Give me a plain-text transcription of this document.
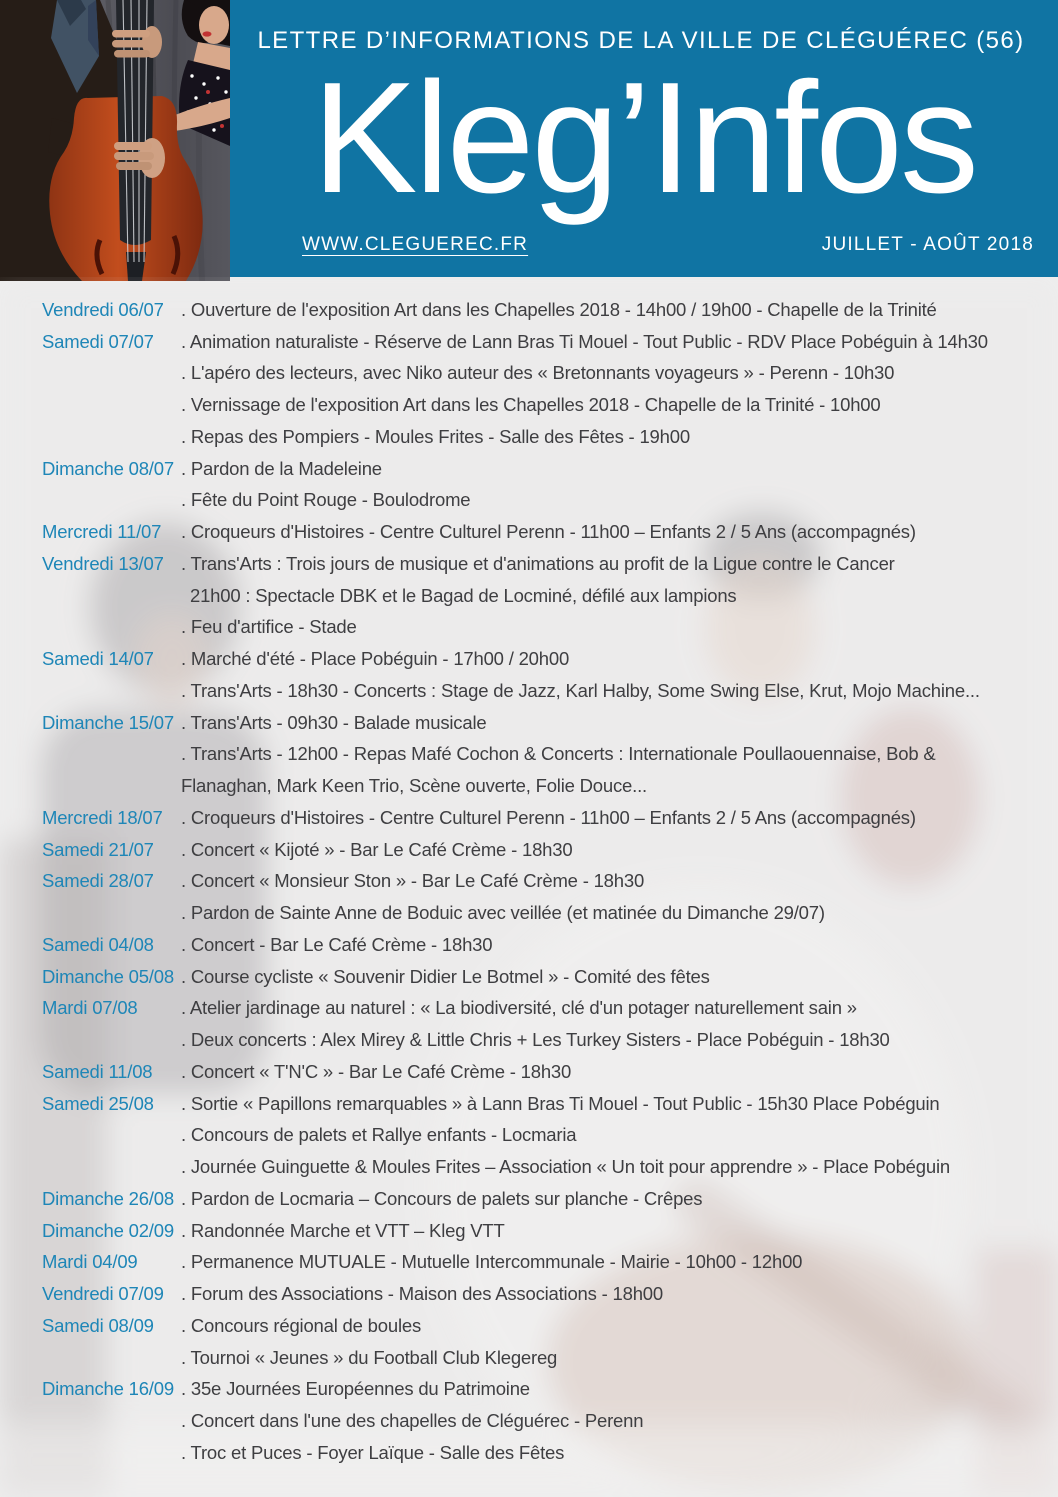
LETTRE D’INFORMATIONS DE LA VILLE DE CLÉGUÉREC (56)
Kleg’Infos
WWW.CLEGUEREC.FR	JUILLET - AOÛT 2018
Vendredi 06/07 . Ouverture de l'exposition Art dans les Chapelles 2018 - 14h00 / 19h00 - Chapelle de la Trinité
Samedi 07/07	. Animation naturaliste - Réserve de Lann Bras Ti Mouel - Tout Public - RDV Place Pobéguin à 14h30
. L'apéro des lecteurs, avec Niko auteur des « Bretonnants voyageurs » - Perenn - 10h30
. Vernissage de l'exposition Art dans les Chapelles 2018 - Chapelle de la Trinité - 10h00
. Repas des Pompiers - Moules Frites - Salle des Fêtes - 19h00
Dimanche 08/07 . Pardon de la Madeleine
. Fête du Point Rouge - Boulodrome
Mercredi 11/07	. Croqueurs d'Histoires - Centre Culturel Perenn - 11h00 – Enfants 2 / 5 Ans (accompagnés)
Vendredi 13/07 . Trans'Arts : Trois jours de musique et d'animations au profit de la Ligue contre le Cancer
21h00 : Spectacle DBK et le Bagad de Locminé, défilé aux lampions
. Feu d'artifice - Stade
Samedi 14/07	. Marché d'été - Place Pobéguin - 17h00 / 20h00
. Trans'Arts - 18h30 - Concerts : Stage de Jazz, Karl Halby, Some Swing Else, Krut, Mojo Machine...
Dimanche 15/07 . Trans'Arts - 09h30 - Balade musicale
. Trans'Arts - 12h00 - Repas Mafé Cochon & Concerts : Internationale Poullaouennaise, Bob &
Flanaghan, Mark Keen Trio, Scène ouverte, Folie Douce...
Mercredi 18/07 . Croqueurs d'Histoires - Centre Culturel Perenn - 11h00 – Enfants 2 / 5 Ans (accompagnés)
Samedi 21/07	. Concert « Kijoté » - Bar Le Café Crème - 18h30
Samedi 28/07	. Concert « Monsieur Ston » - Bar Le Café Crème - 18h30
. Pardon de Sainte Anne de Boduic avec veillée (et matinée du Dimanche 29/07)
Samedi 04/08	. Concert - Bar Le Café Crème - 18h30
Dimanche 05/08 . Course cycliste « Souvenir Didier Le Botmel » - Comité des fêtes
Mardi 07/08	. Atelier jardinage au naturel : « La biodiversité, clé d'un potager naturellement sain »
. Deux concerts : Alex Mirey & Little Chris + Les Turkey Sisters - Place Pobéguin - 18h30
Samedi 11/08	. Concert « T'N'C » - Bar Le Café Crème - 18h30
Samedi 25/08	. Sortie « Papillons remarquables » à Lann Bras Ti Mouel - Tout Public - 15h30 Place Pobéguin
. Concours de palets et Rallye enfants - Locmaria
. Journée Guinguette & Moules Frites – Association « Un toit pour apprendre » - Place Pobéguin
Dimanche 26/08 . Pardon de Locmaria – Concours de palets sur planche - Crêpes
Dimanche 02/09 . Randonnée Marche et VTT – Kleg VTT
Mardi 04/09	. Permanence MUTUALE - Mutuelle Intercommunale - Mairie - 10h00 - 12h00
Vendredi 07/09 . Forum des Associations - Maison des Associations - 18h00
Samedi 08/09	. Concours régional de boules
. Tournoi « Jeunes » du Football Club Klegereg
Dimanche 16/09 . 35e Journées Européennes du Patrimoine
. Concert dans l'une des chapelles de Cléguérec - Perenn
. Troc et Puces - Foyer Laïque - Salle des Fêtes
